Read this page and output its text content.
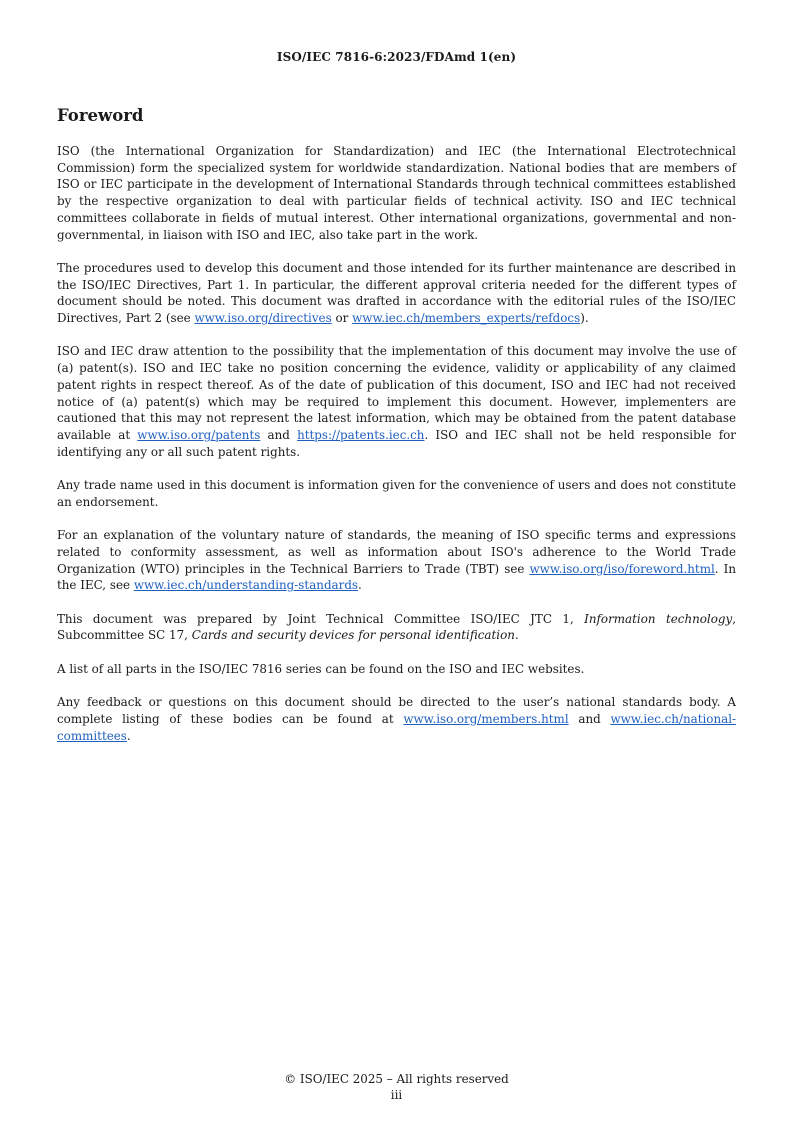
ISO/IEC 7816-6:2023/FDAmd 1(en)
Foreword

ISO (the International Organization for Standardization) and IEC (the International Electrotechnical Commission) form the specialized system for worldwide standardization. National bodies that are members of ISO or IEC participate in the development of International Standards through technical committees established by the respective organization to deal with particular fields of technical activity. ISO and IEC technical committees collaborate in fields of mutual interest. Other international organizations, governmental and non-governmental, in liaison with ISO and IEC, also take part in the work.

The procedures used to develop this document and those intended for its further maintenance are described in the ISO/IEC Directives, Part 1. In particular, the different approval criteria needed for the different types of document should be noted. This document was drafted in accordance with the editorial rules of the ISO/IEC Directives, Part 2 (see www.iso.org/directives or www.iec.ch/members_experts/refdocs).

ISO and IEC draw attention to the possibility that the implementation of this document may involve the use of (a) patent(s). ISO and IEC take no position concerning the evidence, validity or applicability of any claimed patent rights in respect thereof. As of the date of publication of this document, ISO and IEC had not received notice of (a) patent(s) which may be required to implement this document. However, implementers are cautioned that this may not represent the latest information, which may be obtained from the patent database available at www.iso.org/patents and https://patents.iec.ch. ISO and IEC shall not be held responsible for identifying any or all such patent rights.

Any trade name used in this document is information given for the convenience of users and does not constitute an endorsement.

For an explanation of the voluntary nature of standards, the meaning of ISO specific terms and expressions related to conformity assessment, as well as information about ISO's adherence to the World Trade Organization (WTO) principles in the Technical Barriers to Trade (TBT) see www.iso.org/iso/foreword.html. In the IEC, see www.iec.ch/understanding-standards.

This document was prepared by Joint Technical Committee ISO/IEC JTC 1, Information technology, Subcommittee SC 17, Cards and security devices for personal identification.

A list of all parts in the ISO/IEC 7816 series can be found on the ISO and IEC websites.

Any feedback or questions on this document should be directed to the user’s national standards body. A complete listing of these bodies can be found at www.iso.org/members.html and www.iec.ch/national-committees.

© ISO/IEC 2025 – All rights reserved
iii
